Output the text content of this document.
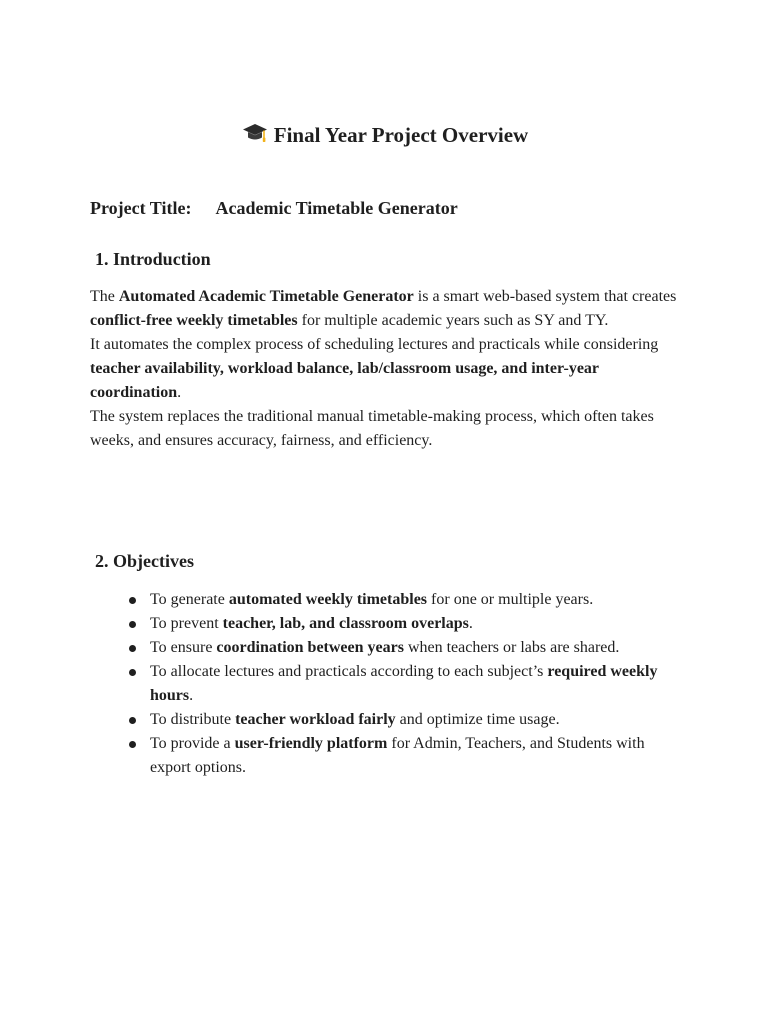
Final Year Project Overview
Project Title: Academic Timetable Generator
1. Introduction

The Automated Academic Timetable Generator is a smart web-based system that creates conflict-free weekly timetables for multiple academic years such as SY and TY.

It automates the complex process of scheduling lectures and practicals while considering teacher availability, workload balance, lab/classroom usage, and inter-year coordination.

The system replaces the traditional manual timetable-making process, which often takes weeks, and ensures accuracy, fairness, and efficiency.

2. Objectives
To generate automated weekly timetables for one or multiple years.
To prevent teacher, lab, and classroom overlaps.
To ensure coordination between years when teachers or labs are shared.
To allocate lectures and practicals according to each subject’s required weekly hours.
To distribute teacher workload fairly and optimize time usage.
To provide a user-friendly platform for Admin, Teachers, and Students with export options.
